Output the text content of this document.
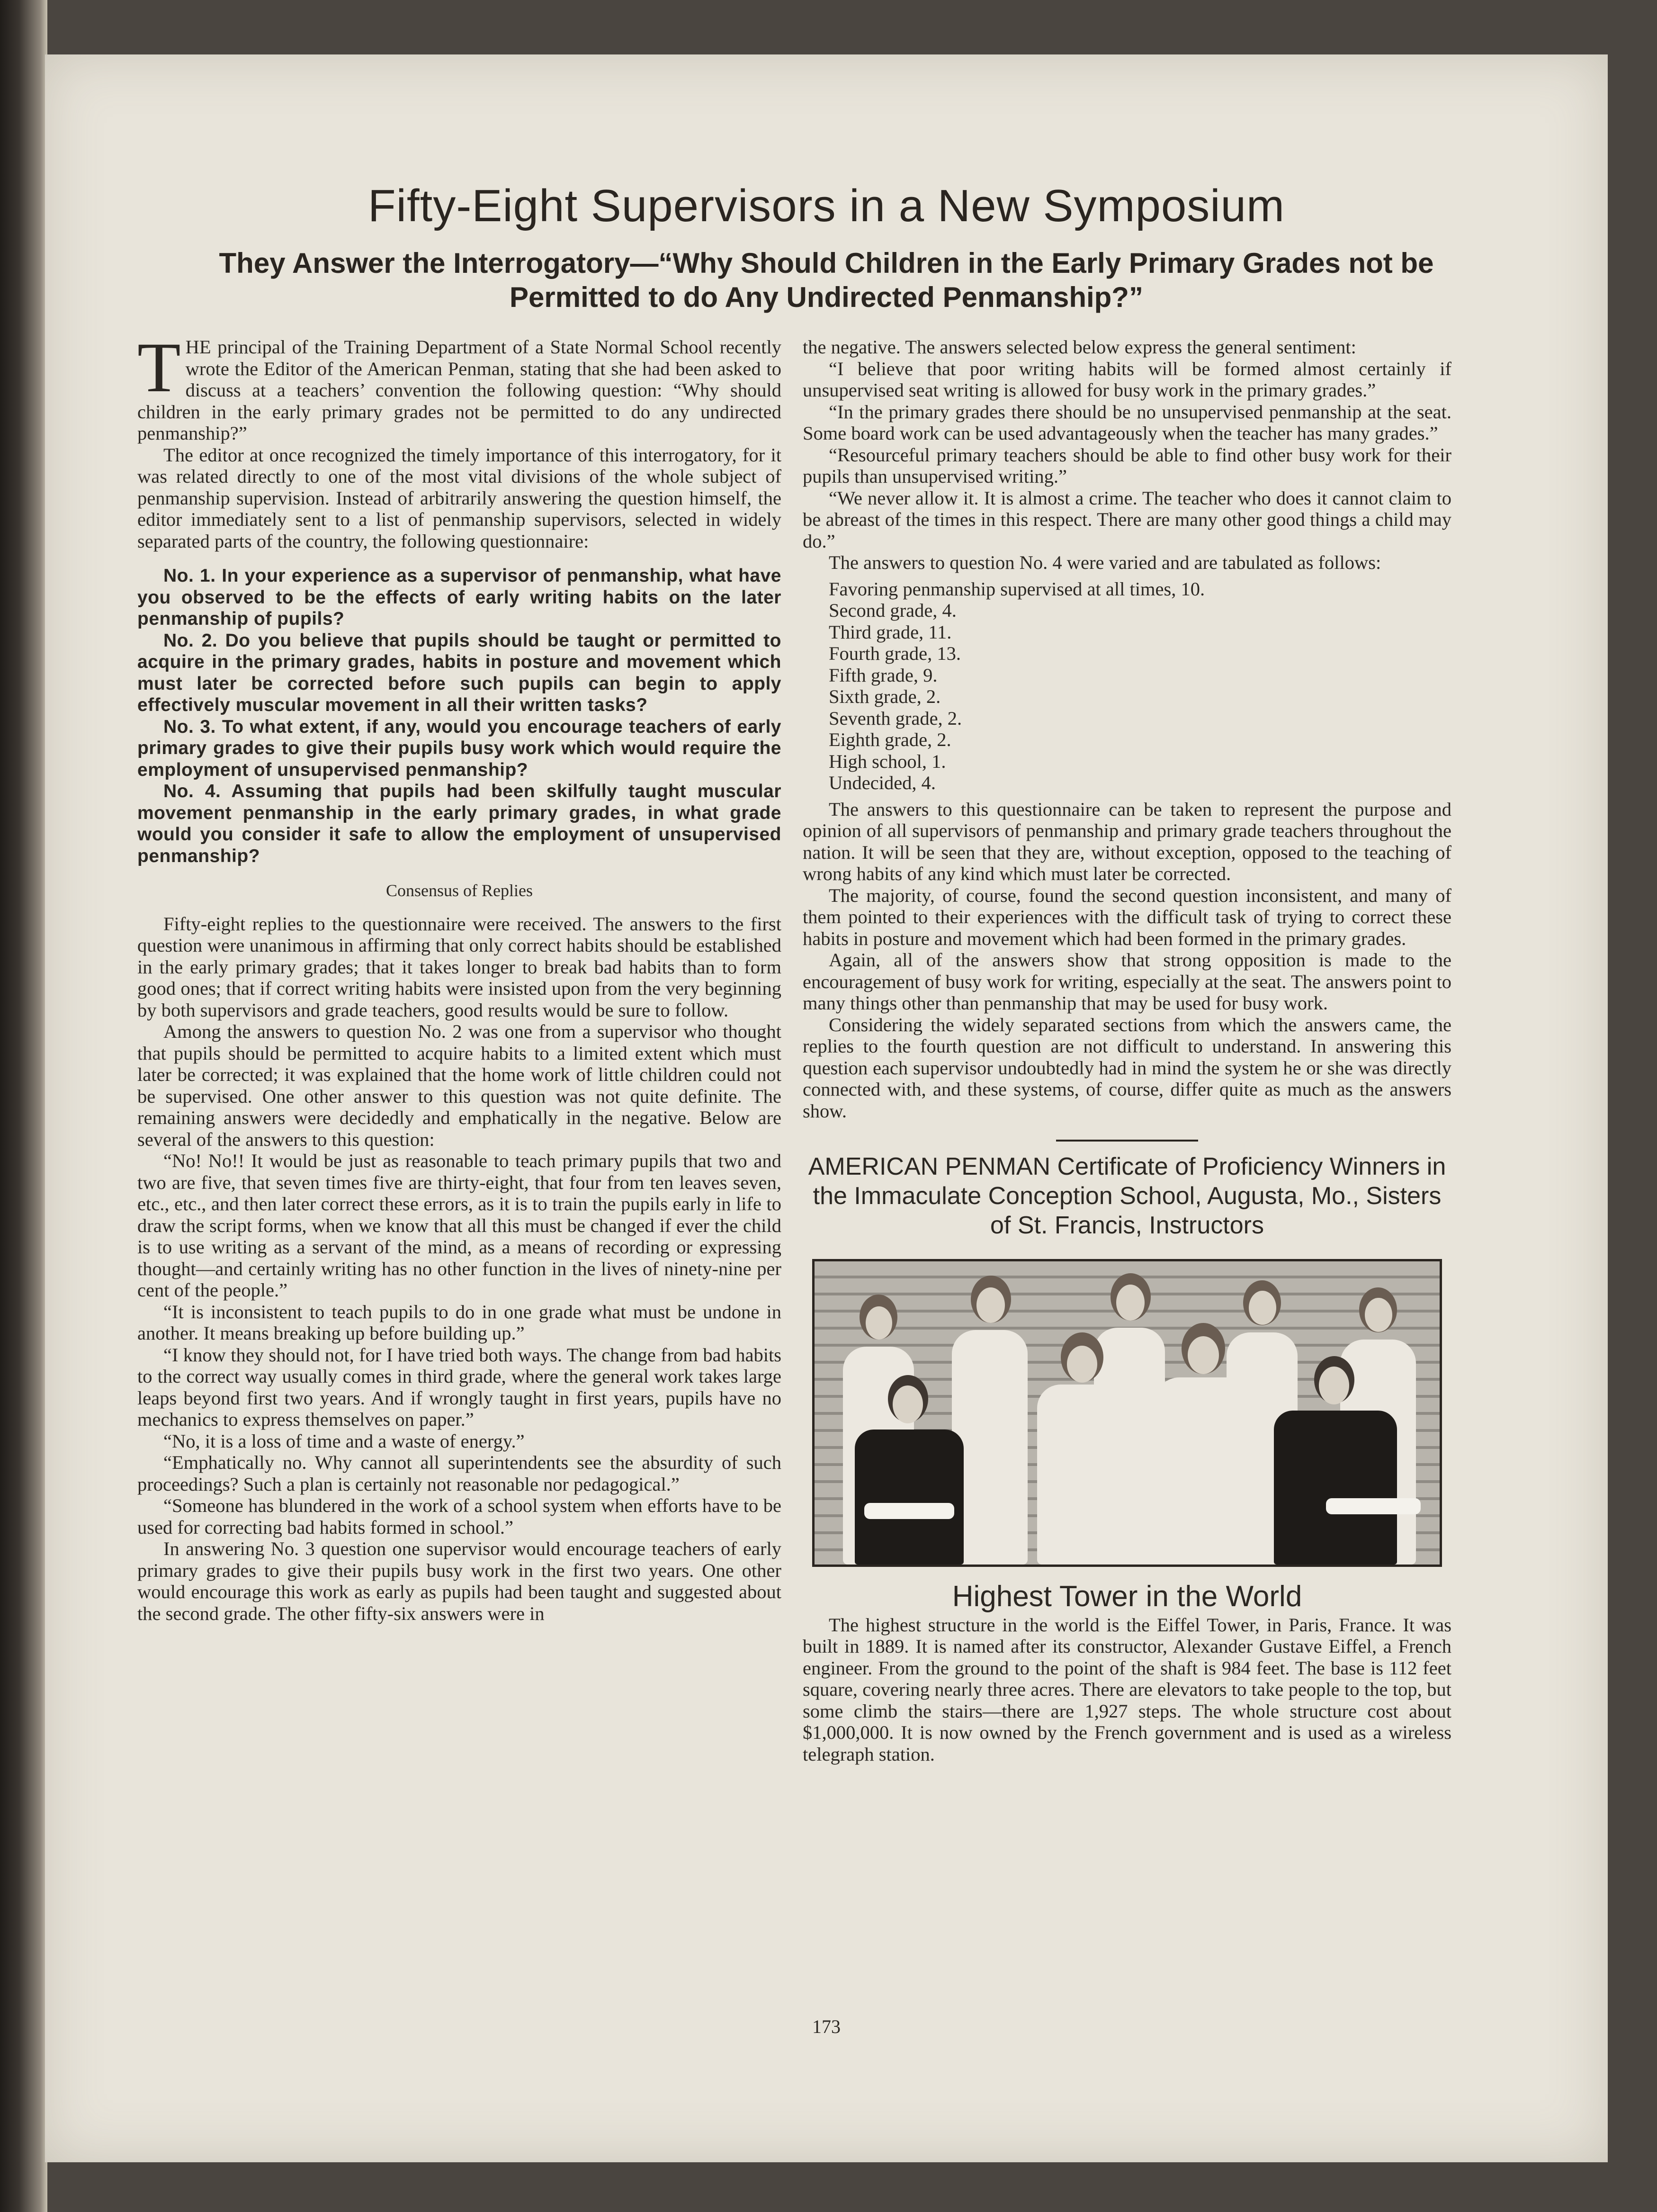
Fifty-Eight Supervisors in a New Symposium
They Answer the Interrogatory—“Why Should Children in the Early Primary Grades not be Permitted to do Any Undirected Penmanship?”

THE principal of the Training Department of a State Normal School recently wrote the Editor of the American Penman, stating that she had been asked to discuss at a teachers’ convention the following question: “Why should children in the early primary grades not be permitted to do any undirected penmanship?”

The editor at once recognized the timely importance of this interrogatory, for it was related directly to one of the most vital divisions of the whole subject of penmanship supervision. Instead of arbitrarily answering the question himself, the editor immediately sent to a list of penmanship supervisors, selected in widely separated parts of the country, the following questionnaire:

No. 1. In your experience as a supervisor of penmanship, what have you observed to be the effects of early writing habits on the later penmanship of pupils?

No. 2. Do you believe that pupils should be taught or permitted to acquire in the primary grades, habits in posture and movement which must later be corrected before such pupils can begin to apply effectively muscular movement in all their written tasks?

No. 3. To what extent, if any, would you encourage teachers of early primary grades to give their pupils busy work which would require the employment of unsupervised penmanship?

No. 4. Assuming that pupils had been skilfully taught muscular movement penmanship in the early primary grades, in what grade would you consider it safe to allow the employment of unsupervised penmanship?

Consensus of Replies

Fifty-eight replies to the questionnaire were received. The answers to the first question were unanimous in affirming that only correct habits should be established in the early primary grades; that it takes longer to break bad habits than to form good ones; that if correct writing habits were insisted upon from the very beginning by both supervisors and grade teachers, good results would be sure to follow.

Among the answers to question No. 2 was one from a supervisor who thought that pupils should be permitted to acquire habits to a limited extent which must later be corrected; it was explained that the home work of little children could not be supervised. One other answer to this question was not quite definite. The remaining answers were decidedly and emphatically in the negative. Below are several of the answers to this question:

“No! No!! It would be just as reasonable to teach primary pupils that two and two are five, that seven times five are thirty-eight, that four from ten leaves seven, etc., etc., and then later correct these errors, as it is to train the pupils early in life to draw the script forms, when we know that all this must be changed if ever the child is to use writing as a servant of the mind, as a means of recording or expressing thought—and certainly writing has no other function in the lives of ninety-nine per cent of the people.”

“It is inconsistent to teach pupils to do in one grade what must be undone in another. It means breaking up before building up.”

“I know they should not, for I have tried both ways. The change from bad habits to the correct way usually comes in third grade, where the general work takes large leaps beyond first two years. And if wrongly taught in first years, pupils have no mechanics to express themselves on paper.”

“No, it is a loss of time and a waste of energy.”

“Emphatically no. Why cannot all superintendents see the absurdity of such proceedings? Such a plan is certainly not reasonable nor pedagogical.”

“Someone has blundered in the work of a school system when efforts have to be used for correcting bad habits formed in school.”

In answering No. 3 question one supervisor would encourage teachers of early primary grades to give their pupils busy work in the first two years. One other would encourage this work as early as pupils had been taught and suggested about the second grade. The other fifty-six answers were in

the negative. The answers selected below express the general sentiment:

“I believe that poor writing habits will be formed almost certainly if unsupervised seat writing is allowed for busy work in the primary grades.”

“In the primary grades there should be no unsupervised penmanship at the seat. Some board work can be used advantageously when the teacher has many grades.”

“Resourceful primary teachers should be able to find other busy work for their pupils than unsupervised writing.”

“We never allow it. It is almost a crime. The teacher who does it cannot claim to be abreast of the times in this respect. There are many other good things a child may do.”

The answers to question No. 4 were varied and are tabulated as follows:

Favoring penmanship supervised at all times, 10.
Second grade, 4.
Third grade, 11.
Fourth grade, 13.
Fifth grade, 9.
Sixth grade, 2.
Seventh grade, 2.
Eighth grade, 2.
High school, 1.
Undecided, 4.

The answers to this questionnaire can be taken to represent the purpose and opinion of all supervisors of penmanship and primary grade teachers throughout the nation. It will be seen that they are, without exception, opposed to the teaching of wrong habits of any kind which must later be corrected.

The majority, of course, found the second question inconsistent, and many of them pointed to their experiences with the difficult task of trying to correct these habits in posture and movement which had been formed in the primary grades.

Again, all of the answers show that strong opposition is made to the encouragement of busy work for writing, especially at the seat. The answers point to many things other than penmanship that may be used for busy work.

Considering the widely separated sections from which the answers came, the replies to the fourth question are not difficult to understand. In answering this question each supervisor undoubtedly had in mind the system he or she was directly connected with, and these systems, of course, differ quite as much as the answers show.

AMERICAN PENMAN Certificate of Proficiency Winners in the Immaculate Conception School, Augusta, Mo., Sisters of St. Francis, Instructors
Highest Tower in the World

The highest structure in the world is the Eiffel Tower, in Paris, France. It was built in 1889. It is named after its constructor, Alexander Gustave Eiffel, a French engineer. From the ground to the point of the shaft is 984 feet. The base is 112 feet square, covering nearly three acres. There are elevators to take people to the top, but some climb the stairs—there are 1,927 steps. The whole structure cost about $1,000,000. It is now owned by the French government and is used as a wireless telegraph station.

173
